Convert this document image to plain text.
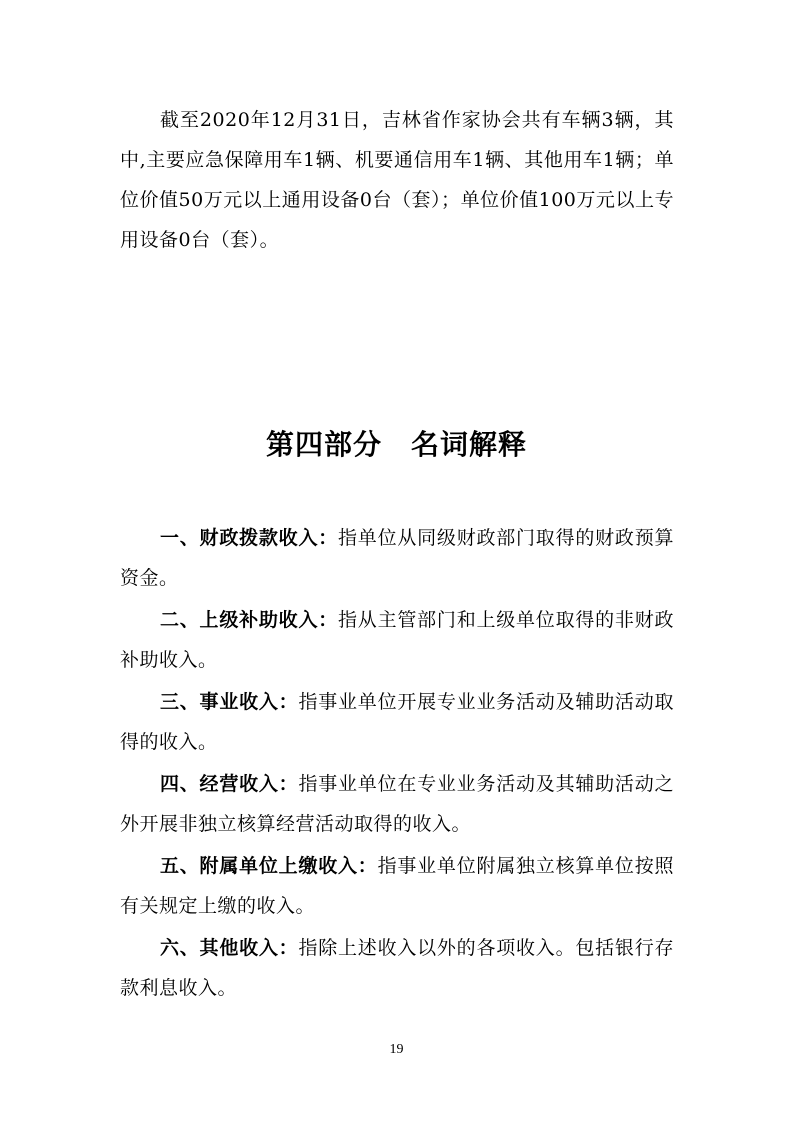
截至2020年12月31日，吉林省作家协会共有车辆3辆，其中,主要应急保障用车1辆、机要通信用车1辆、其他用车1辆；单位价值50万元以上通用设备0台（套）；单位价值100万元以上专用设备0台（套）。

第四部分　名词解释

一、财政拨款收入：指单位从同级财政部门取得的财政预算资金。

二、上级补助收入：指从主管部门和上级单位取得的非财政补助收入。

三、事业收入：指事业单位开展专业业务活动及辅助活动取得的收入。

四、经营收入：指事业单位在专业业务活动及其辅助活动之外开展非独立核算经营活动取得的收入。

五、附属单位上缴收入：指事业单位附属独立核算单位按照有关规定上缴的收入。

六、其他收入：指除上述收入以外的各项收入。包括银行存款利息收入。

19
